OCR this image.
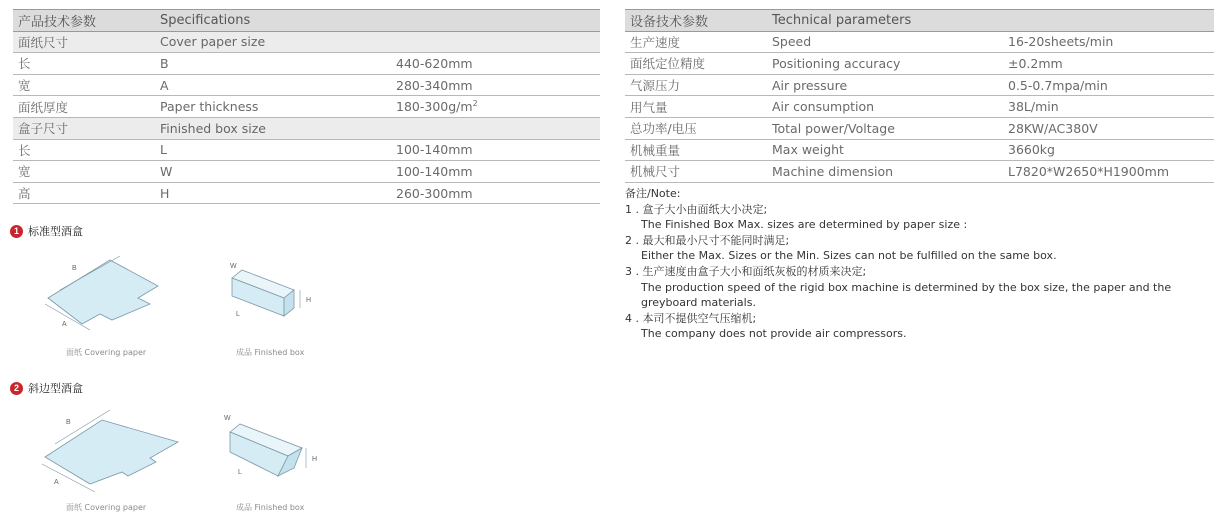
产品技术参数	Specifications	
面纸尺寸	Cover paper size	
长	B	440-620mm
宽	A	280-340mm
面纸厚度	Paper thickness	$180-300g/m^2$
盒子尺寸	Finished box size	
长	L	100-140mm
宽	W	100-140mm
高	H	260-300mm
设备技术参数	Technical parameters	
生产速度	Speed	16-20sheets/min
面纸定位精度	Positioning accuracy	±0.2mm
气源压力	Air pressure	0.5-0.7mpa/min
用气量	Air consumption	38L/min
总功率/电压	Total power/Voltage	28KW/AC380V
机械重量	Max weight	3660kg
机械尺寸	Machine dimension	L7820*W2650*H1900mm
备注/Note:
1 . 盒子大小由面纸大小决定;
The Finished Box Max. sizes are determined by paper size :
2 . 最大和最小尺寸不能同时满足;
Either the Max. Sizes or the Min. Sizes can not be fulfilled on the same box.
3 . 生产速度由盒子大小和面纸灰板的材质来决定;
The production speed of the rigid box machine is determined by the box size, the paper and the greyboard materials.
4 . 本司不提供空气压缩机;
The company does not provide air compressors.
1 标准型酒盒
B
A
面纸 Covering paper
W
H
L
成品 Finished box
2 斜边型酒盒
B
A
面纸 Covering paper
W
H
L
成品 Finished box
